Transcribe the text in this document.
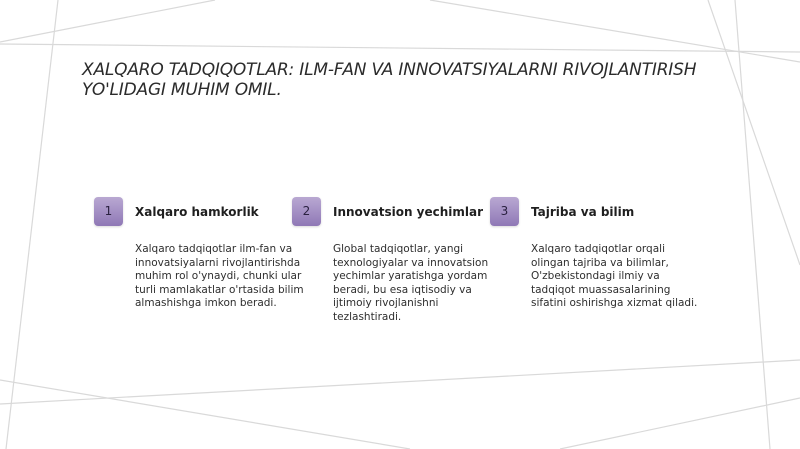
XALQARO TADQIQOTLAR: ILM-FAN VA INNOVATSIYALARNI RIVOJLANTIRISH YO'LIDAGI MUHIM OMIL.
1	Xalqaro hamkorlik

Xalqaro tadqiqotlar ilm-fan va innovatsiyalarni rivojlantirishda muhim rol o'ynaydi, chunki ular turli mamlakatlar o'rtasida bilim almashishga imkon beradi.

2	Innovatsion yechimlar

Global tadqiqotlar, yangi texnologiyalar va innovatsion yechimlar yaratishga yordam beradi, bu esa iqtisodiy va ijtimoiy rivojlanishni tezlashtiradi.

3	Tajriba va bilim

Xalqaro tadqiqotlar orqali olingan tajriba va bilimlar, O'zbekistondagi ilmiy va tadqiqot muassasalarining sifatini oshirishga xizmat qiladi.
